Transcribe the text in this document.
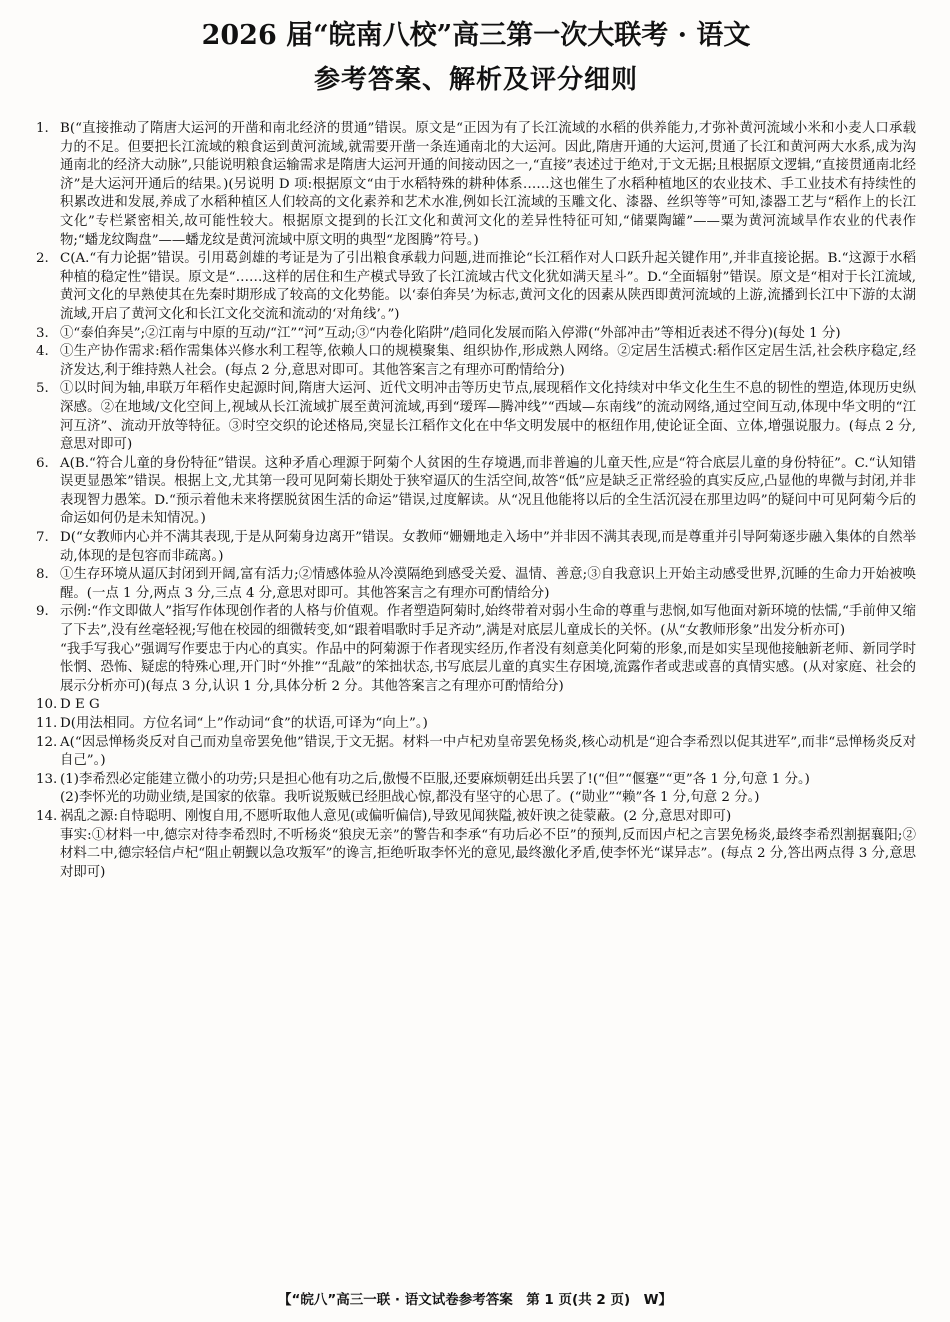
2026 届“皖南八校”高三第一次大联考 · 语文
参考答案、解析及评分细则
1. B(“直接推动了隋唐大运河的开凿和南北经济的贯通”错误。原文是“正因为有了长江流域的水稻的供养能力,才弥补黄河流域小米和小麦人口承载力的不足。但要把长江流域的粮食运到黄河流域,就需要开凿一条连通南北的大运河。因此,隋唐开通的大运河,贯通了长江和黄河两大水系,成为沟通南北的经济大动脉”,只能说明粮食运输需求是隋唐大运河开通的间接动因之一,“直接”表述过于绝对,于文无据;且根据原文逻辑,“直接贯通南北经济”是大运河开通后的结果。)(另说明 D 项:根据原文“由于水稻特殊的耕种体系……这也催生了水稻种植地区的农业技术、手工业技术有持续性的积累改进和发展,养成了水稻种植区人们较高的文化素养和艺术水准,例如长江流域的玉雕文化、漆器、丝织等等”可知,漆器工艺与“稻作上的长江文化”专栏紧密相关,故可能性较大。根据原文提到的长江文化和黄河文化的差异性特征可知,“储粟陶罐”——粟为黄河流域旱作农业的代表作物;“蟠龙纹陶盘”——蟠龙纹是黄河流域中原文明的典型“龙图腾”符号。)

2. C(A.“有力论据”错误。引用葛剑雄的考证是为了引出粮食承载力问题,进而推论“长江稻作对人口跃升起关键作用”,并非直接论据。B.“这源于水稻种植的稳定性”错误。原文是“……这样的居住和生产模式导致了长江流域古代文化犹如满天星斗”。D.“全面辐射”错误。原文是“相对于长江流域,黄河文化的早熟使其在先秦时期形成了较高的文化势能。以‘泰伯奔吴’为标志,黄河文化的因素从陕西即黄河流域的上游,流播到长江中下游的太湖流域,开启了黄河文化和长江文化交流和流动的‘对角线’。”)

3. ①“泰伯奔吴”;②江南与中原的互动/“江”“河”互动;③“内卷化陷阱”/趋同化发展而陷入停滞(“外部冲击”等相近表述不得分)(每处 1 分)

4. ①生产协作需求:稻作需集体兴修水利工程等,依赖人口的规模聚集、组织协作,形成熟人网络。②定居生活模式:稻作区定居生活,社会秩序稳定,经济发达,利于维持熟人社会。(每点 2 分,意思对即可。其他答案言之有理亦可酌情给分)

5. ①以时间为轴,串联万年稻作史起源时间,隋唐大运河、近代文明冲击等历史节点,展现稻作文化持续对中华文化生生不息的韧性的塑造,体现历史纵深感。②在地域/文化空间上,视域从长江流域扩展至黄河流域,再到“瑷珲—腾冲线”“西域—东南线”的流动网络,通过空间互动,体现中华文明的“江河互济”、流动开放等特征。③时空交织的论述格局,突显长江稻作文化在中华文明发展中的枢纽作用,使论证全面、立体,增强说服力。(每点 2 分,意思对即可)

6. A(B.“符合儿童的身份特征”错误。这种矛盾心理源于阿菊个人贫困的生存境遇,而非普遍的儿童天性,应是“符合底层儿童的身份特征”。C.“认知错误更显愚笨”错误。根据上文,尤其第一段可见阿菊长期处于狭窄逼仄的生活空间,故答“低”应是缺乏正常经验的真实反应,凸显他的卑微与封闭,并非表现智力愚笨。D.“预示着他未来将摆脱贫困生活的命运”错误,过度解读。从“况且他能将以后的全生活沉浸在那里边吗”的疑问中可见阿菊今后的命运如何仍是未知情况。)

7. D(“女教师内心并不满其表现,于是从阿菊身边离开”错误。女教师“姗姗地走入场中”并非因不满其表现,而是尊重并引导阿菊逐步融入集体的自然举动,体现的是包容而非疏离。)

8. ①生存环境从逼仄封闭到开阔,富有活力;②情感体验从冷漠隔绝到感受关爱、温情、善意;③自我意识上开始主动感受世界,沉睡的生命力开始被唤醒。(一点 1 分,两点 3 分,三点 4 分,意思对即可。其他答案言之有理亦可酌情给分)

9. 示例:“作文即做人”指写作体现创作者的人格与价值观。作者塑造阿菊时,始终带着对弱小生命的尊重与悲悯,如写他面对新环境的怯懦,“手前伸又缩了下去”,没有丝毫轻视;写他在校园的细微转变,如“跟着唱歌时手足齐动”,满是对底层儿童成长的关怀。(从“女教师形象”出发分析亦可)

“我手写我心”强调写作要忠于内心的真实。作品中的阿菊源于作者现实经历,作者没有刻意美化阿菊的形象,而是如实呈现他接触新老师、新同学时怅惘、恐怖、疑虑的特殊心理,开门时“外推”“乱敲”的笨拙状态,书写底层儿童的真实生存困境,流露作者或悲或喜的真情实感。(从对家庭、社会的展示分析亦可)(每点 3 分,认识 1 分,具体分析 2 分。其他答案言之有理亦可酌情给分)

10. D E G

11. D(用法相同。方位名词“上”作动词“食”的状语,可译为“向上”。)

12. A(“因忌惮杨炎反对自己而劝皇帝罢免他”错误,于文无据。材料一中卢杞劝皇帝罢免杨炎,核心动机是“迎合李希烈以促其进军”,而非“忌惮杨炎反对自己”。)

13. (1)李希烈必定能建立微小的功劳;只是担心他有功之后,傲慢不臣服,还要麻烦朝廷出兵罢了!(“但”“偃蹇”“更”各 1 分,句意 1 分。)

(2)李怀光的功勋业绩,是国家的依靠。我听说叛贼已经胆战心惊,都没有坚守的心思了。(“勋业”“赖”各 1 分,句意 2 分。)

14. 祸乱之源:自恃聪明、刚愎自用,不愿听取他人意见(或偏听偏信),导致见闻狭隘,被奸谀之徒蒙蔽。(2 分,意思对即可)

事实:①材料一中,德宗对待李希烈时,不听杨炎“狼戾无亲”的警告和李承“有功后必不臣”的预判,反而因卢杞之言罢免杨炎,最终李希烈割据襄阳;②材料二中,德宗轻信卢杞“阻止朝觐以急攻叛军”的谗言,拒绝听取李怀光的意见,最终激化矛盾,使李怀光“谋异志”。(每点 2 分,答出两点得 3 分,意思对即可)

【“皖八”高三一联 · 语文试卷参考答案　第 1 页(共 2 页)　W】
